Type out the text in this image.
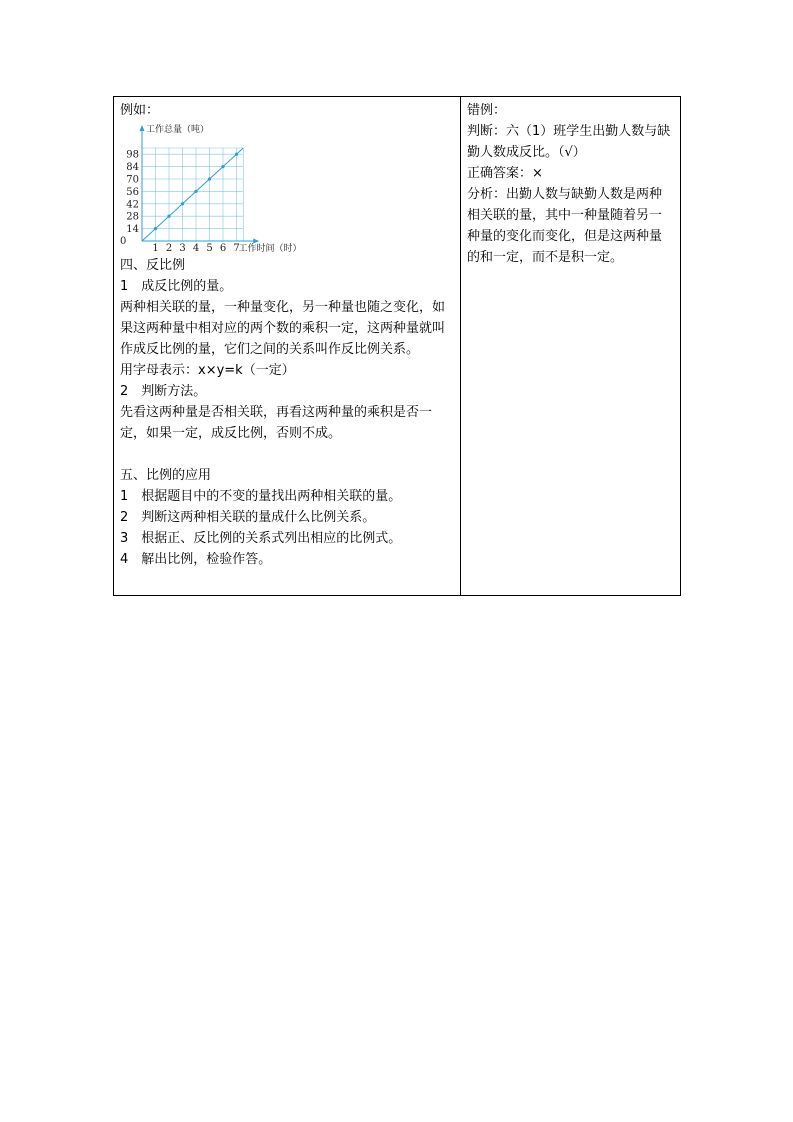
例如：
工作总量（吨）
工作时间（时）
0
1 2 3 4 5 6 7
14
28
42
56
70
84
98
四、反比例
1　成反比例的量。
两种相关联的量，一种量变化，另一种量也随之变化，如果这两种量中相对应的两个数的乘积一定，这两种量就叫作成反比例的量，它们之间的关系叫作反比例关系。
用字母表示：x×y=k（一定）
2　判断方法。
先看这两种量是否相关联，再看这两种量的乘积是否一定，如果一定，成反比例，否则不成。
五、比例的应用
1　根据题目中的不变的量找出两种相关联的量。
2　判断这两种相关联的量成什么比例关系。
3　根据正、反比例的关系式列出相应的比例式。
4　解出比例，检验作答。
错例：
判断：六（1）班学生出勤人数与缺勤人数成反比。（√）
正确答案：×
分析：出勤人数与缺勤人数是两种相关联的量，其中一种量随着另一种量的变化而变化，但是这两种量的和一定，而不是积一定。
